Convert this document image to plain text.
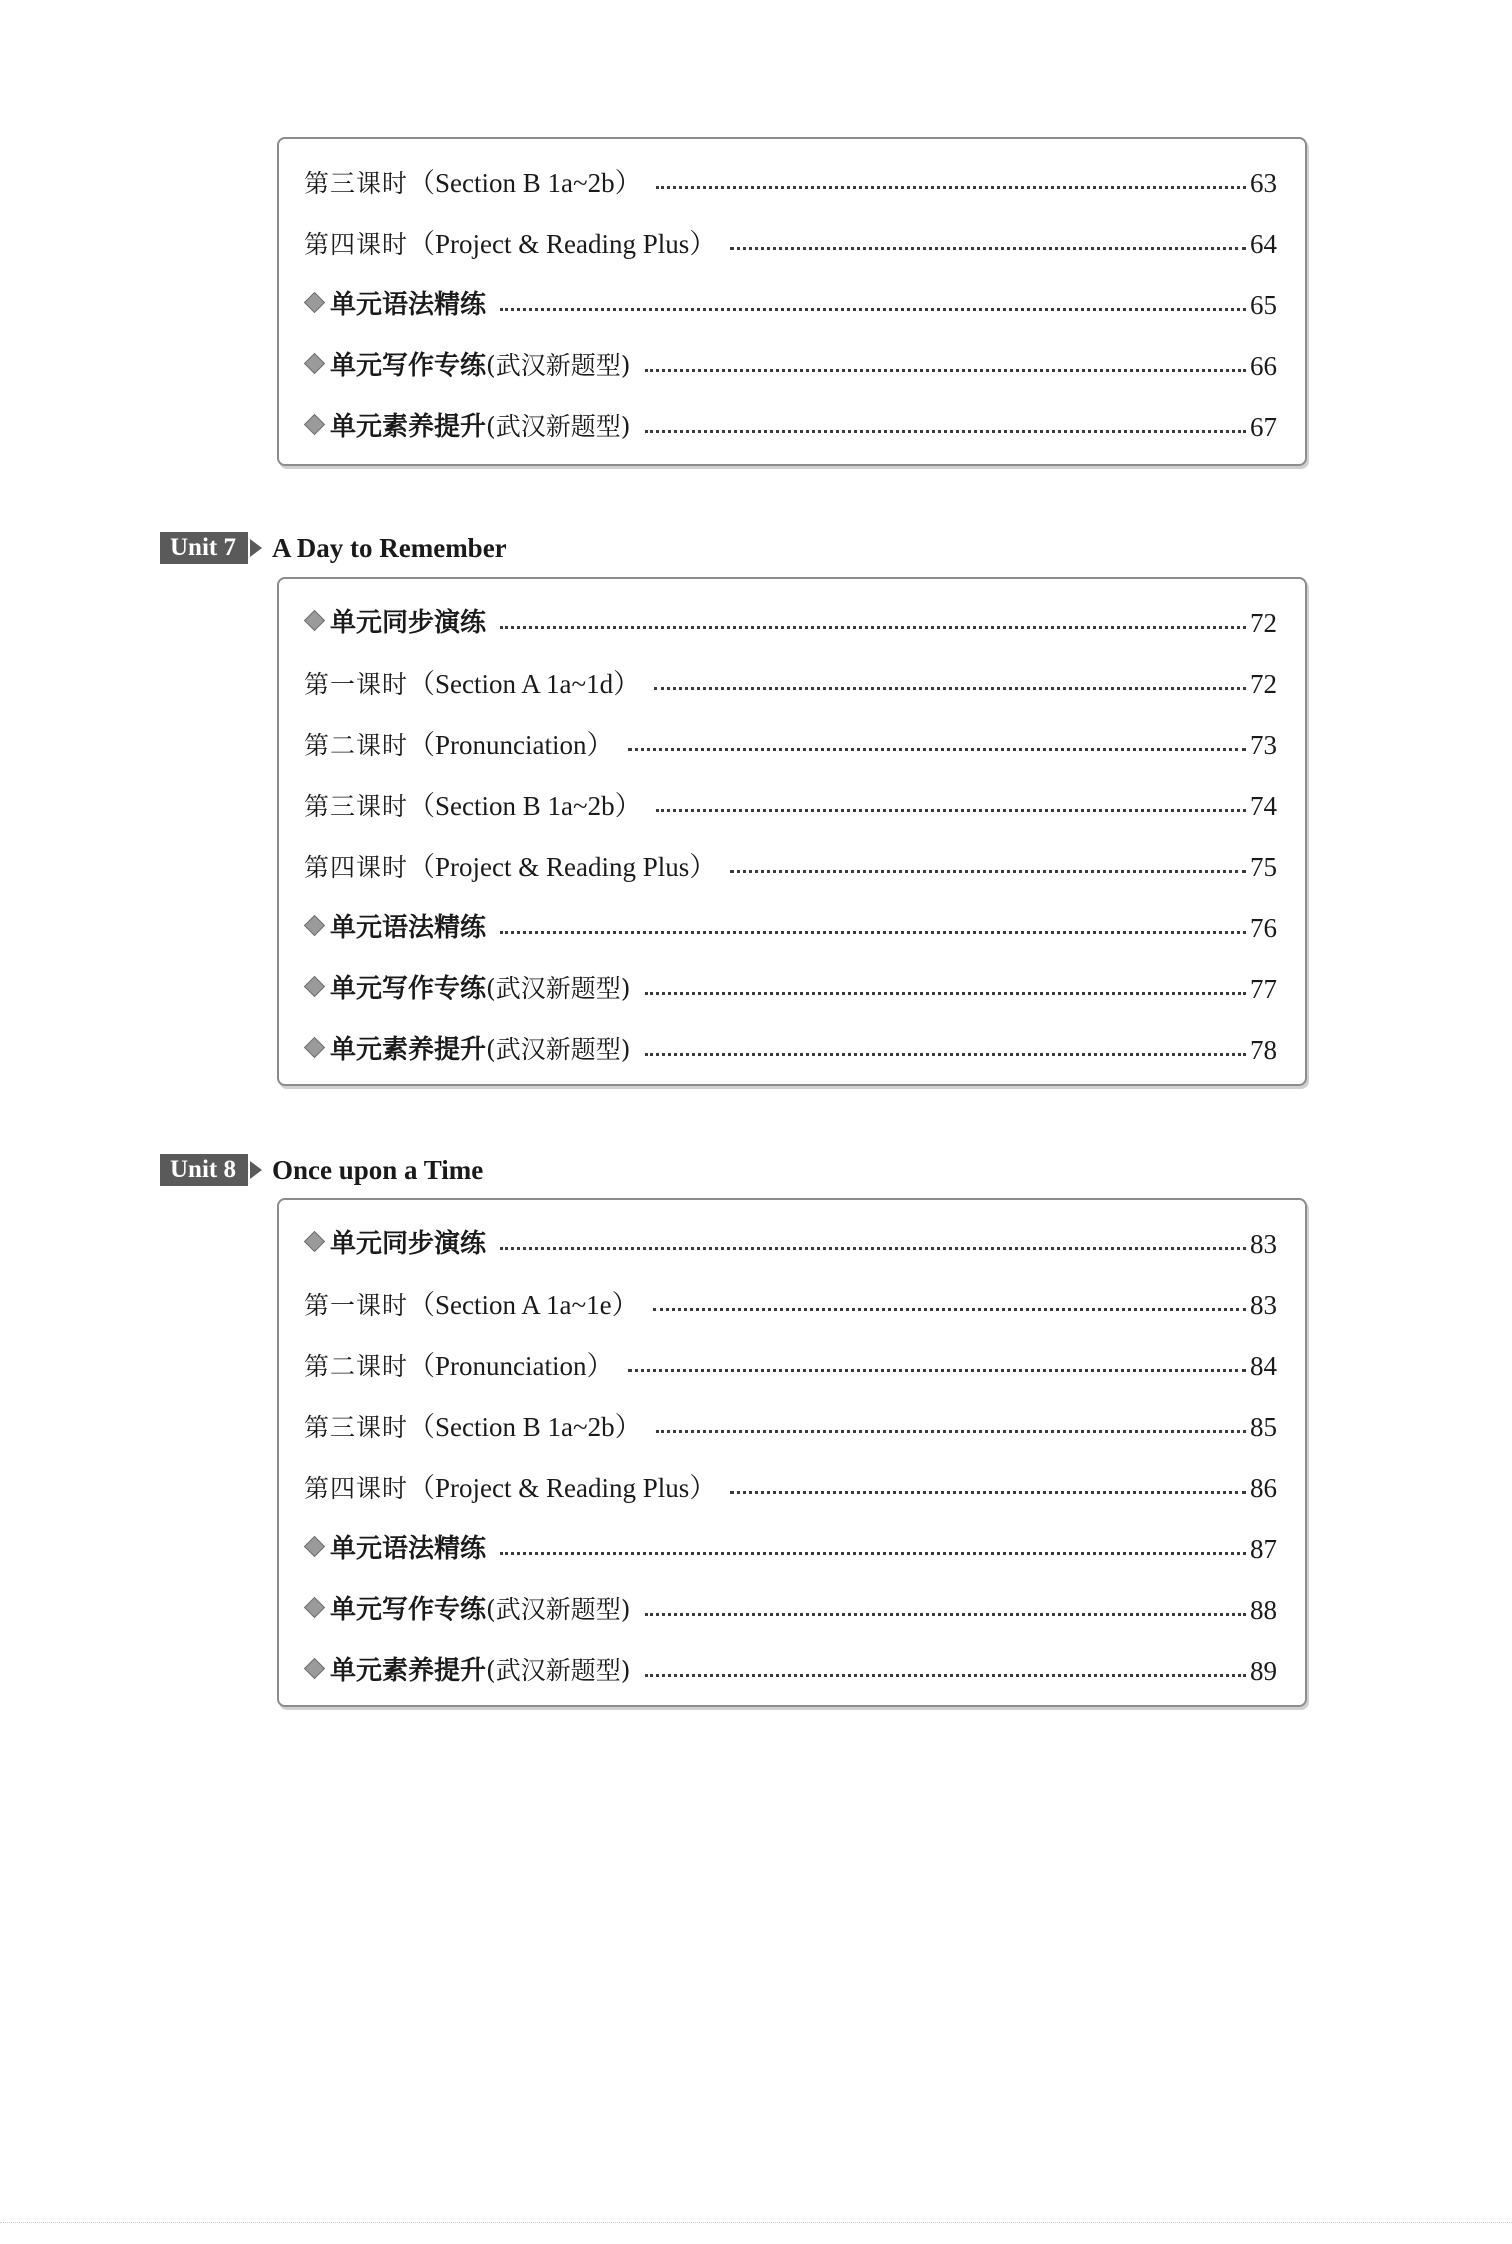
第三课时（Section B 1a~2b）	63
第四课时（Project & Reading Plus）	64
单元语法精练	65
单元写作专练(武汉新题型)	66
单元素养提升(武汉新题型)	67
Unit 7	A Day to Remember
单元同步演练	72
第一课时（Section A 1a~1d）	72
第二课时（Pronunciation）	73
第三课时（Section B 1a~2b）	74
第四课时（Project & Reading Plus）	75
单元语法精练	76
单元写作专练(武汉新题型)	77
单元素养提升(武汉新题型)	78
Unit 8	Once upon a Time
单元同步演练	83
第一课时（Section A 1a~1e）	83
第二课时（Pronunciation）	84
第三课时（Section B 1a~2b）	85
第四课时（Project & Reading Plus）	86
单元语法精练	87
单元写作专练(武汉新题型)	88
单元素养提升(武汉新题型)	89
